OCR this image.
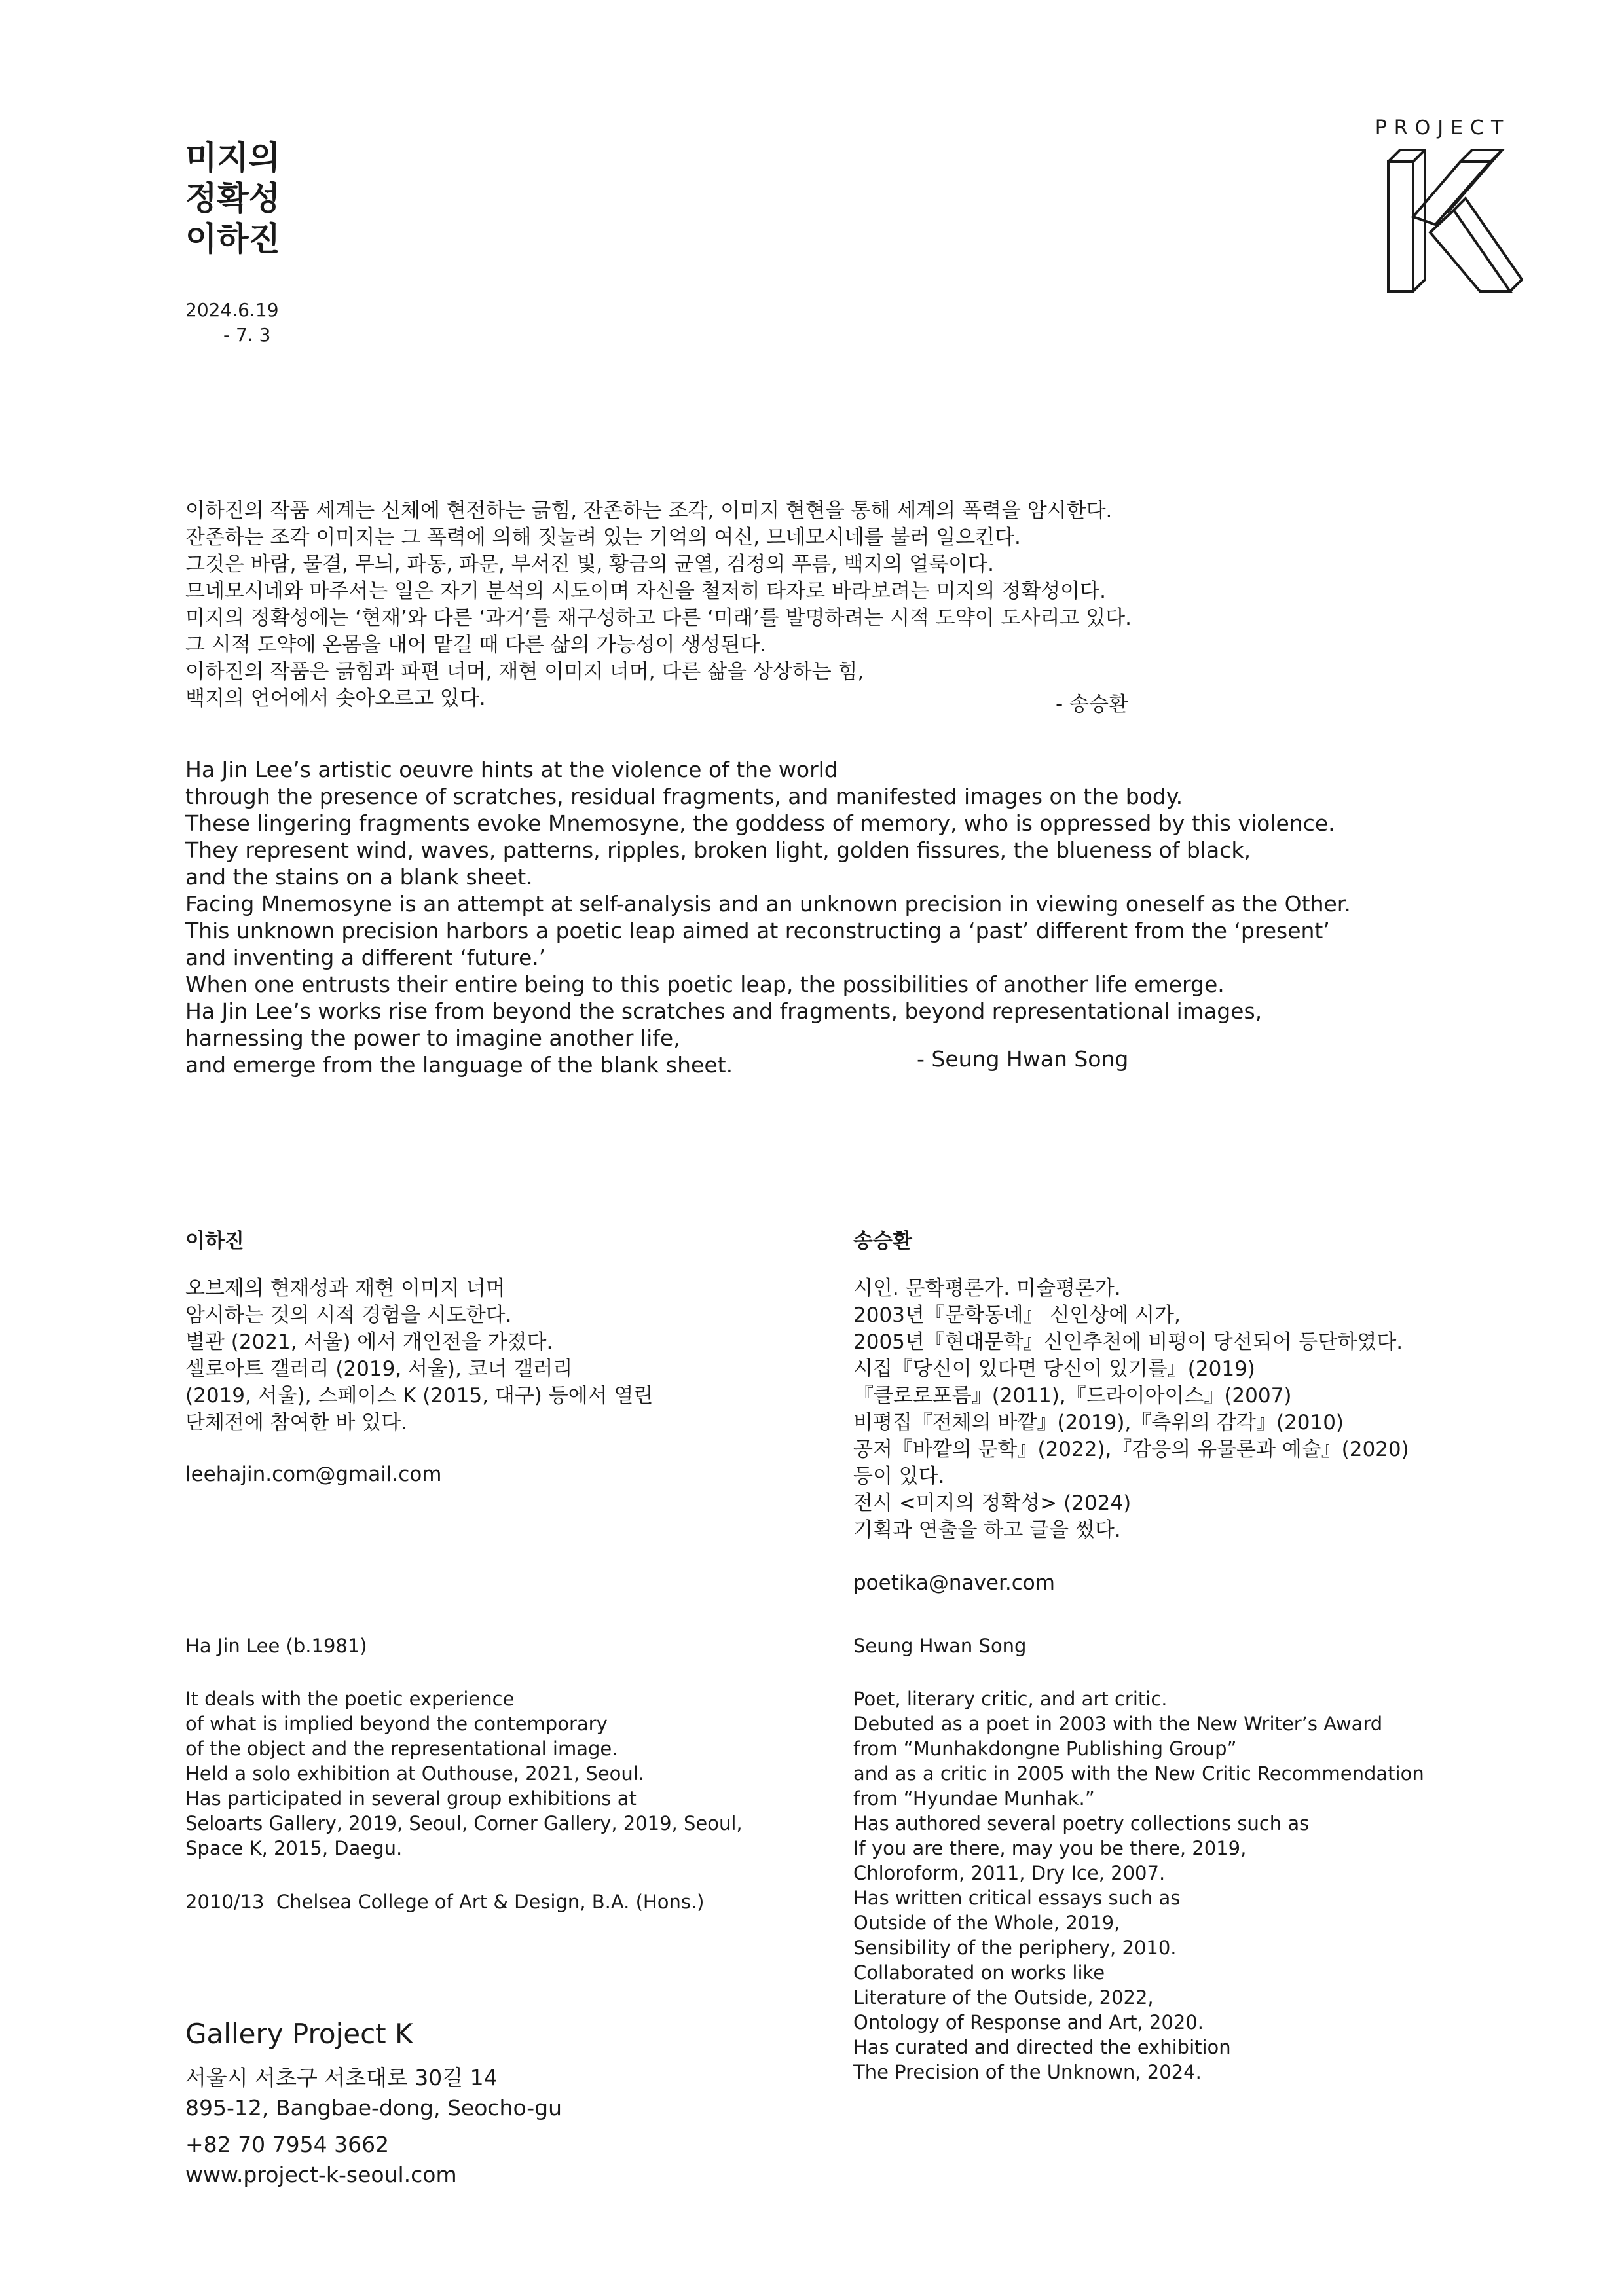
미지의
정확성
이하진
2024.6.19
- 7. 3
PROJECT
이하진의 작품 세계는 신체에 현전하는 긁힘, 잔존하는 조각, 이미지 현현을 통해 세계의 폭력을 암시한다.
잔존하는 조각 이미지는 그 폭력에 의해 짓눌려 있는 기억의 여신, 므네모시네를 불러 일으킨다.
그것은 바람, 물결, 무늬, 파동, 파문, 부서진 빛, 황금의 균열, 검정의 푸름, 백지의 얼룩이다.
므네모시네와 마주서는 일은 자기 분석의 시도이며 자신을 철저히 타자로 바라보려는 미지의 정확성이다.
미지의 정확성에는 ‘현재’와 다른 ‘과거’를 재구성하고 다른 ‘미래’를 발명하려는 시적 도약이 도사리고 있다.
그 시적 도약에 온몸을 내어 맡길 때 다른 삶의 가능성이 생성된다.
이하진의 작품은 긁힘과 파편 너머, 재현 이미지 너머, 다른 삶을 상상하는 힘,
백지의 언어에서 솟아오르고 있다.	- 송승환
Ha Jin Lee’s artistic oeuvre hints at the violence of the world
through the presence of scratches, residual fragments, and manifested images on the body.
These lingering fragments evoke Mnemosyne, the goddess of memory, who is oppressed by this violence.
They represent wind, waves, patterns, ripples, broken light, golden fissures, the blueness of black,
and the stains on a blank sheet.
Facing Mnemosyne is an attempt at self-analysis and an unknown precision in viewing oneself as the Other.
This unknown precision harbors a poetic leap aimed at reconstructing a ‘past’ different from the ‘present’
and inventing a different ‘future.’
When one entrusts their entire being to this poetic leap, the possibilities of another life emerge.
Ha Jin Lee’s works rise from beyond the scratches and fragments, beyond representational images,
harnessing the power to imagine another life,
and emerge from the language of the blank sheet.	- Seung Hwan Song
이하진
오브제의 현재성과 재현 이미지 너머
암시하는 것의 시적 경험을 시도한다.
별관 (2021, 서울) 에서 개인전을 가졌다.
셀로아트 갤러리 (2019, 서울), 코너 갤러리
(2019, 서울), 스페이스 K (2015, 대구) 등에서 열린
단체전에 참여한 바 있다.
leehajin.com@gmail.com
송승환
시인. 문학평론가. 미술평론가.
2003년『문학동네』 신인상에 시가,
2005년『현대문학』신인추천에 비평이 당선되어 등단하였다.
시집『당신이 있다면 당신이 있기를』(2019)
『클로로포름』(2011),『드라이아이스』(2007)
비평집『전체의 바깥』(2019),『측위의 감각』(2010)
공저『바깥의 문학』(2022),『감응의 유물론과 예술』(2020)
등이 있다.
전시 <미지의 정확성> (2024)
기획과 연출을 하고 글을 썼다.
poetika@naver.com
Ha Jin Lee (b.1981)
It deals with the poetic experience
of what is implied beyond the contemporary
of the object and the representational image.
Held a solo exhibition at Outhouse, 2021, Seoul.
Has participated in several group exhibitions at
Seloarts Gallery, 2019, Seoul, Corner Gallery, 2019, Seoul,
Space K, 2015, Daegu.
2010/13  Chelsea College of Art & Design, B.A. (Hons.)
Seung Hwan Song
Poet, literary critic, and art critic.
Debuted as a poet in 2003 with the New Writer’s Award
from “Munhakdongne Publishing Group”
and as a critic in 2005 with the New Critic Recommendation
from “Hyundae Munhak.”
Has authored several poetry collections such as
If you are there, may you be there, 2019,
Chloroform, 2011, Dry Ice, 2007.
Has written critical essays such as
Outside of the Whole, 2019,
Sensibility of the periphery, 2010.
Collaborated on works like
Literature of the Outside, 2022,
Ontology of Response and Art, 2020.
Has curated and directed the exhibition
The Precision of the Unknown, 2024.
Gallery Project K
서울시 서초구 서초대로 30길 14
895-12, Bangbae-dong, Seocho-gu
+82 70 7954 3662
www.project-k-seoul.com
